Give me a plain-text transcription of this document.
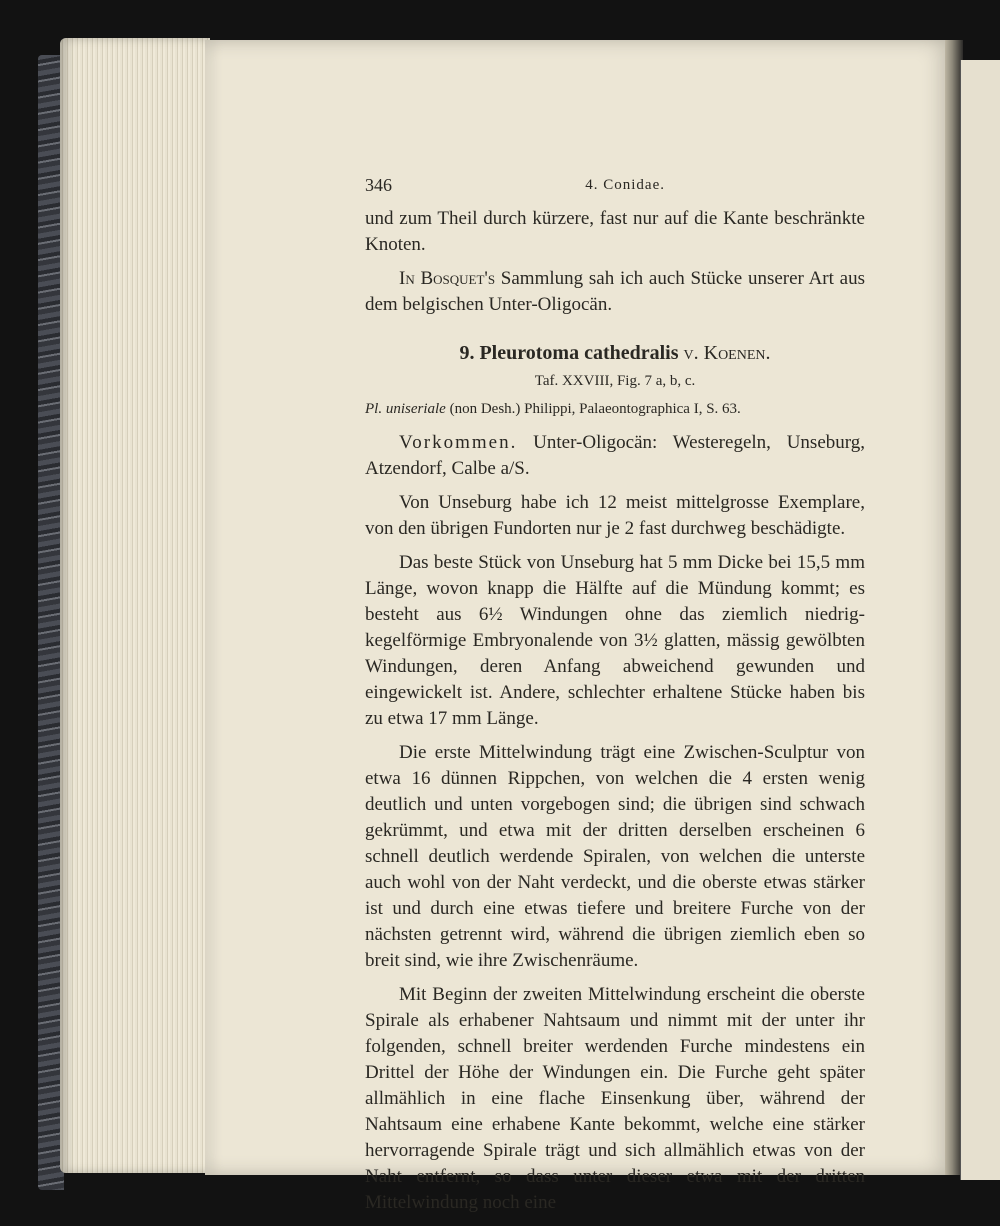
346	4. Conidae.

und zum Theil durch kürzere, fast nur auf die Kante beschränkte Knoten.

In Bosquet's Sammlung sah ich auch Stücke unserer Art aus dem belgischen Unter-Oligocän.

9. Pleurotoma cathedralis v. Koenen.
Taf. XXVIII, Fig. 7 a, b, c.
Pl. uniseriale (non Desh.) Philippi, Palaeontographica I, S. 63.

Vorkommen. Unter-Oligocän: Westeregeln, Unseburg, Atzendorf, Calbe a/S.

Von Unseburg habe ich 12 meist mittelgrosse Exemplare, von den übrigen Fundorten nur je 2 fast durchweg beschädigte.

Das beste Stück von Unseburg hat 5 mm Dicke bei 15,5 mm Länge, wovon knapp die Hälfte auf die Mündung kommt; es besteht aus 6½ Windungen ohne das ziemlich niedrig-kegelförmige Embryonalende von 3½ glatten, mässig gewölbten Windungen, deren Anfang abweichend gewunden und eingewickelt ist. Andere, schlechter erhaltene Stücke haben bis zu etwa 17 mm Länge.

Die erste Mittelwindung trägt eine Zwischen-Sculptur von etwa 16 dünnen Rippchen, von welchen die 4 ersten wenig deutlich und unten vorgebogen sind; die übrigen sind schwach gekrümmt, und etwa mit der dritten derselben erscheinen 6 schnell deutlich werdende Spiralen, von welchen die unterste auch wohl von der Naht verdeckt, und die oberste etwas stärker ist und durch eine etwas tiefere und breitere Furche von der nächsten getrennt wird, während die übrigen ziemlich eben so breit sind, wie ihre Zwischenräume.

Mit Beginn der zweiten Mittelwindung erscheint die oberste Spirale als erhabener Nahtsaum und nimmt mit der unter ihr folgenden, schnell breiter werdenden Furche mindestens ein Drittel der Höhe der Windungen ein. Die Furche geht später allmählich in eine flache Einsenkung über, während der Nahtsaum eine erhabene Kante bekommt, welche eine stärker hervorragende Spirale trägt und sich allmählich etwas von der Naht entfernt, so dass unter dieser etwa mit der dritten Mittelwindung noch eine
